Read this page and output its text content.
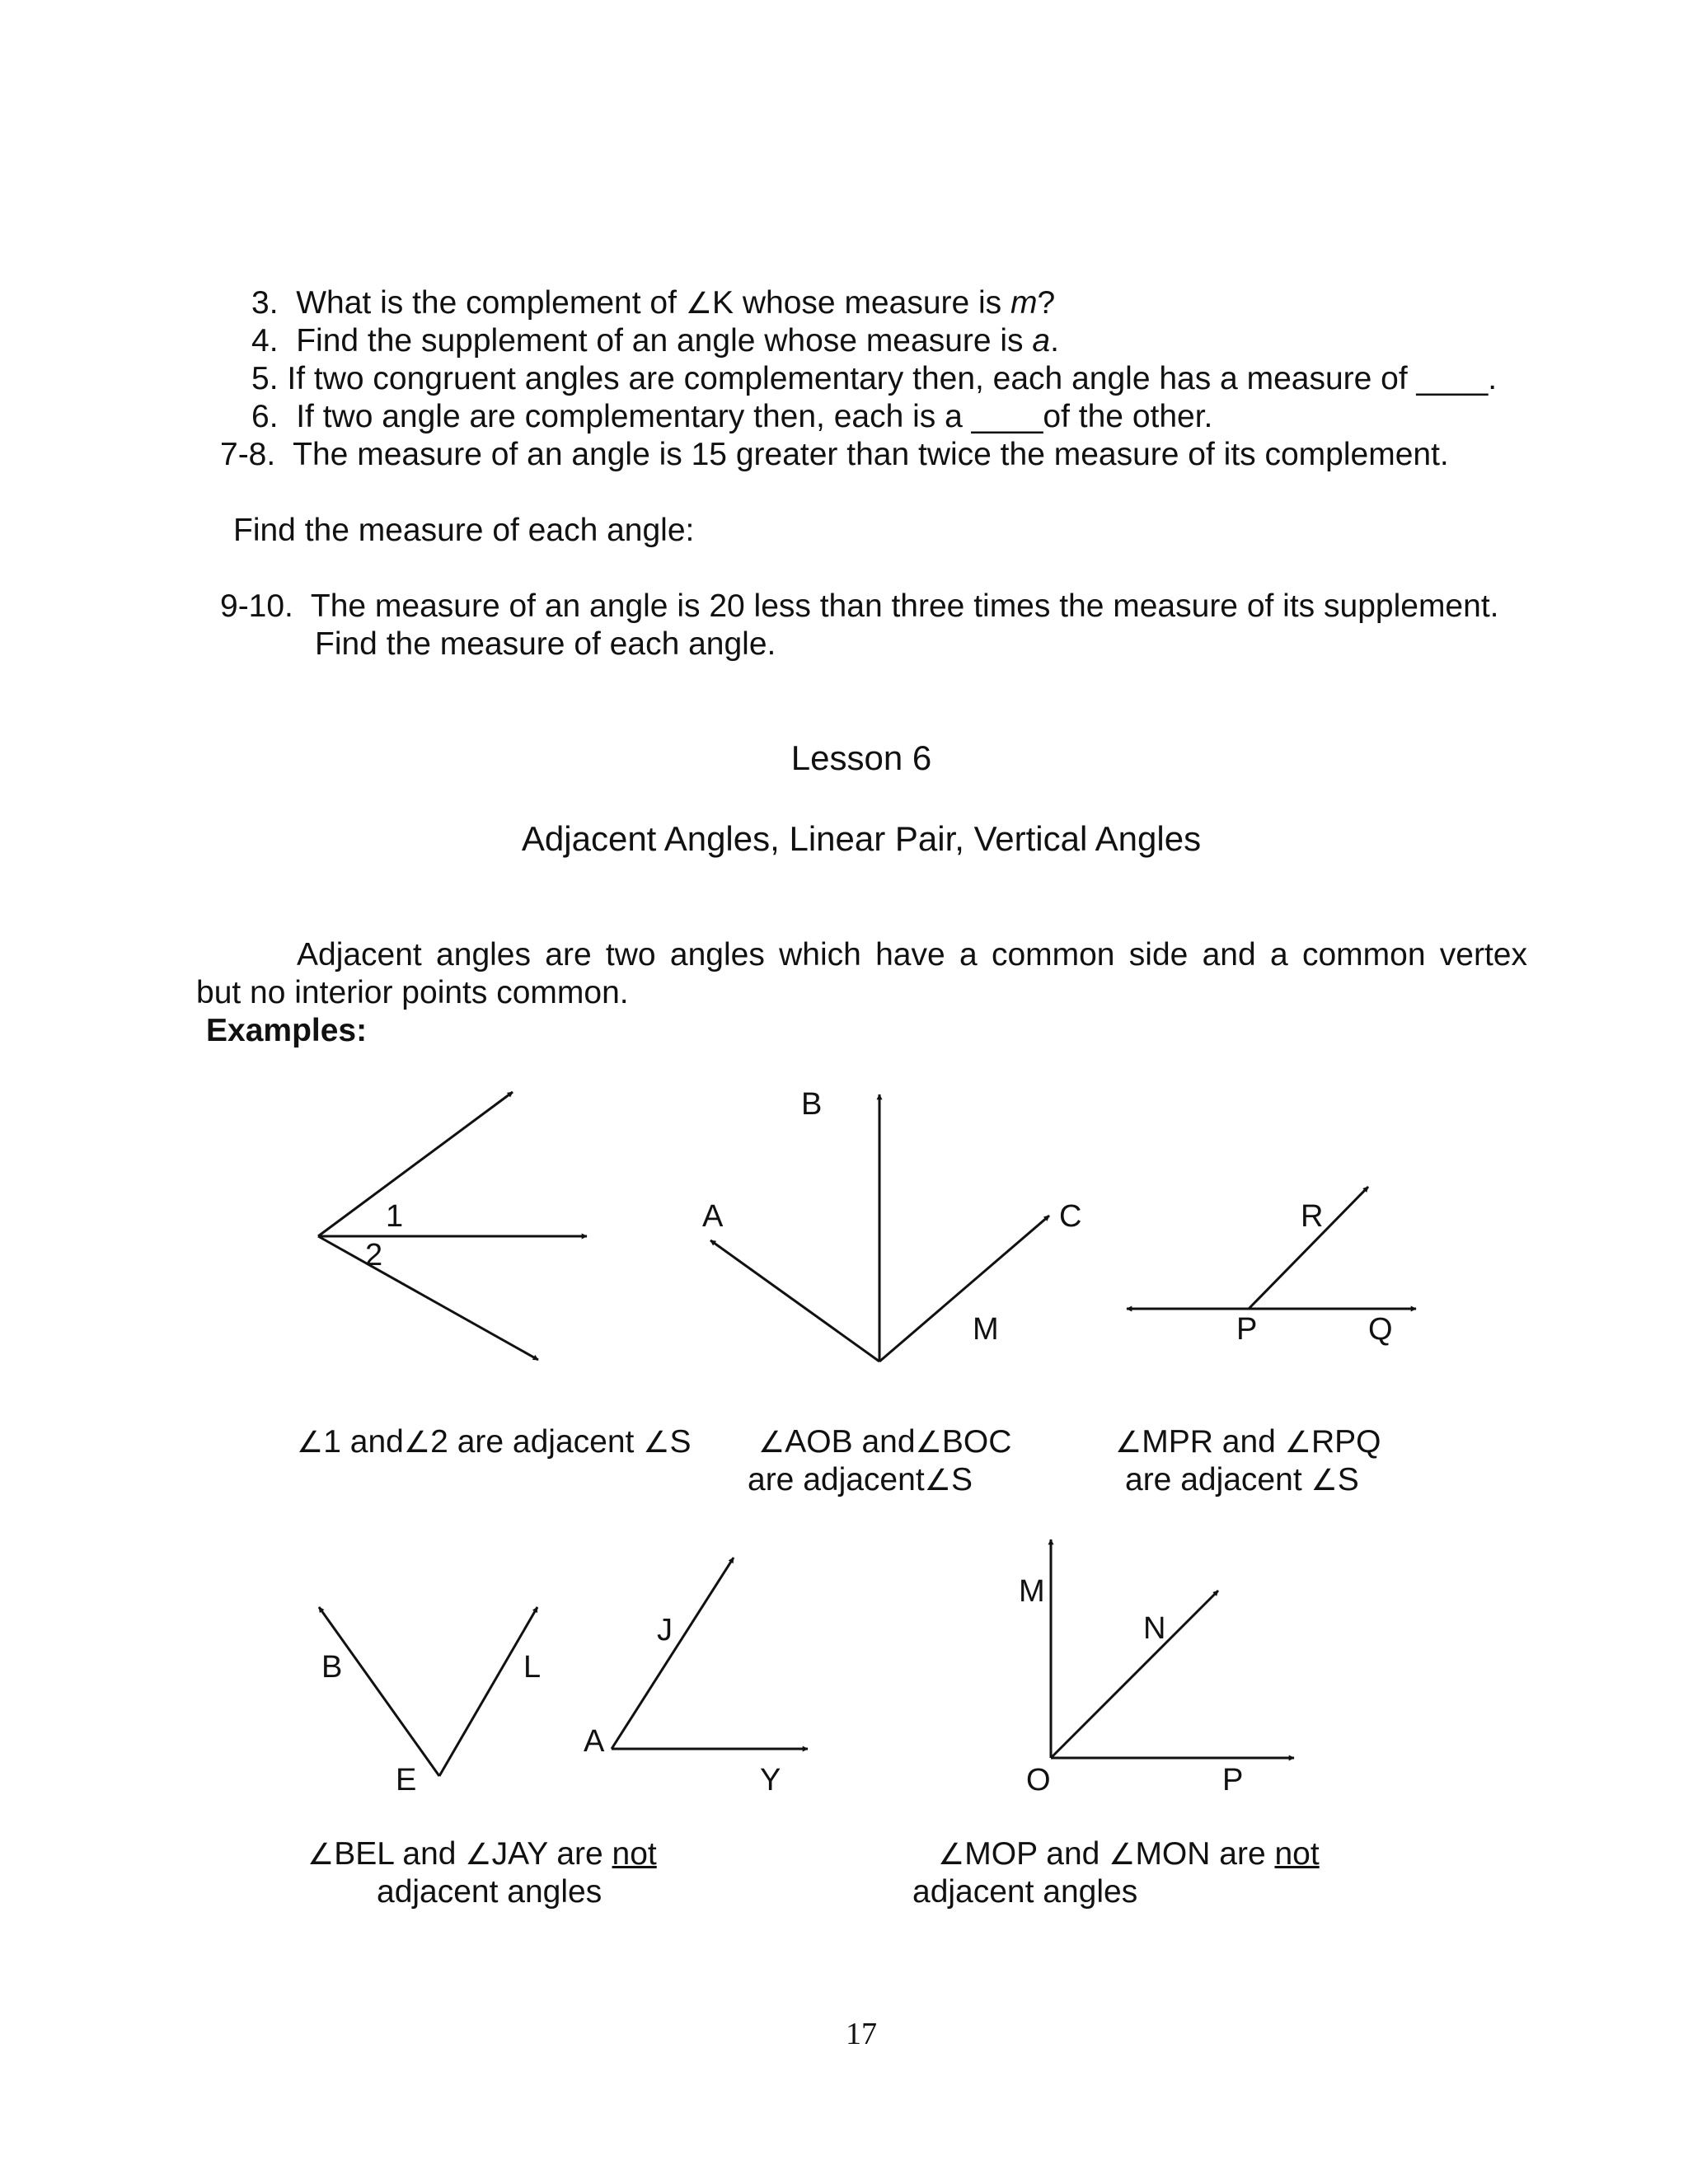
3. What is the complement of ∠K whose measure is m?
4. Find the supplement of an angle whose measure is a.
5. If two congruent angles are complementary then, each angle has a measure of ____.
6. If two angle are complementary then, each is a ____of the other.
7-8. The measure of an angle is 15 greater than twice the measure of its complement.
Find the measure of each angle:
9-10. The measure of an angle is 20 less than three times the measure of its supplement.
Find the measure of each angle.
Lesson 6
Adjacent Angles, Linear Pair, Vertical Angles
Adjacent angles are two angles which have a common side and a common vertex
but no interior points common.
Examples:
1
2
B
A	C
M
R
P	Q
B
E
L
J
A
Y
M
N
O	P
∠1 and∠2 are adjacent ∠S ∠AOB and∠BOC
are adjacent∠S
∠MPR and ∠RPQ
are adjacent ∠S
∠BEL and ∠JAY are not
adjacent angles
∠MOP and ∠MON are not
adjacent angles
17
